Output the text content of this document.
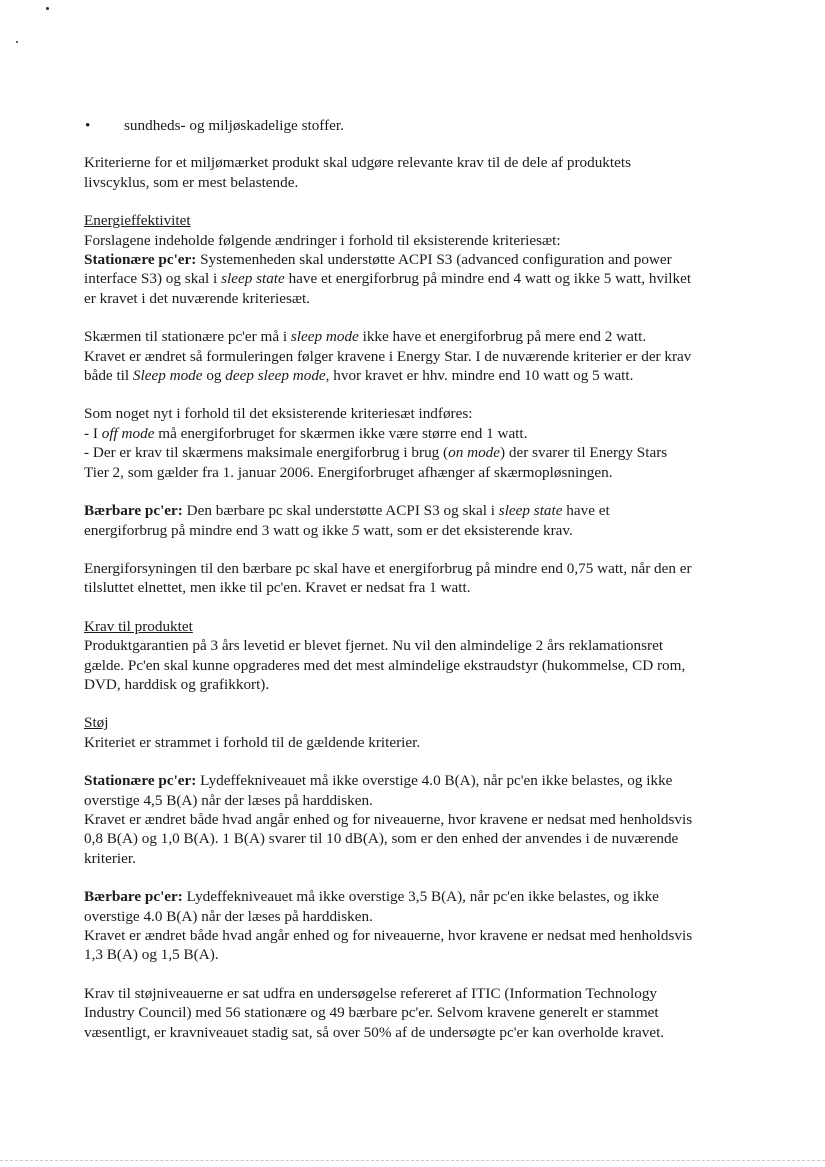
• sundheds- og miljøskadelige stoffer.

Kriterierne for et miljømærket produkt skal udgøre relevante krav til de dele af produktets
livscyklus, som er mest belastende.

Energieffektivitet

Forslagene indeholde følgende ændringer i forhold til eksisterende kriteriesæt:

Stationære pc'er: Systemenheden skal understøtte ACPI S3 (advanced configuration and power
interface S3) og skal i sleep state have et energiforbrug på mindre end 4 watt og ikke 5 watt, hvilket
er kravet i det nuværende kriteriesæt.

Skærmen til stationære pc'er må i sleep mode ikke have et energiforbrug på mere end 2 watt.
Kravet er ændret så formuleringen følger kravene i Energy Star. I de nuværende kriterier er der krav
både til Sleep mode og deep sleep mode, hvor kravet er hhv. mindre end 10 watt og 5 watt.

Som noget nyt i forhold til det eksisterende kriteriesæt indføres:
- I off mode må energiforbruget for skærmen ikke være større end 1 watt.
- Der er krav til skærmens maksimale energiforbrug i brug (on mode) der svarer til Energy Stars
Tier 2, som gælder fra 1. januar 2006. Energiforbruget afhænger af skærmopløsningen.

Bærbare pc'er: Den bærbare pc skal understøtte ACPI S3 og skal i sleep state have et
energiforbrug på mindre end 3 watt og ikke 5 watt, som er det eksisterende krav.

Energiforsyningen til den bærbare pc skal have et energiforbrug på mindre end 0,75 watt, når den er
tilsluttet elnettet, men ikke til pc'en. Kravet er nedsat fra 1 watt.

Krav til produktet

Produktgarantien på 3 års levetid er blevet fjernet. Nu vil den almindelige 2 års reklamationsret
gælde. Pc'en skal kunne opgraderes med det mest almindelige ekstraudstyr (hukommelse, CD rom,
DVD, harddisk og grafikkort).

Støj

Kriteriet er strammet i forhold til de gældende kriterier.

Stationære pc'er: Lydeffekniveauet må ikke overstige 4.0 B(A), når pc'en ikke belastes, og ikke
overstige 4,5 B(A) når der læses på harddisken.
Kravet er ændret både hvad angår enhed og for niveauerne, hvor kravene er nedsat med henholdsvis
0,8 B(A) og 1,0 B(A). 1 B(A) svarer til 10 dB(A), som er den enhed der anvendes i de nuværende
kriterier.

Bærbare pc'er: Lydeffekniveauet må ikke overstige 3,5 B(A), når pc'en ikke belastes, og ikke
overstige 4.0 B(A) når der læses på harddisken.
Kravet er ændret både hvad angår enhed og for niveauerne, hvor kravene er nedsat med henholdsvis
1,3 B(A) og 1,5 B(A).

Krav til støjniveauerne er sat udfra en undersøgelse refereret af ITIC (Information Technology
Industry Council) med 56 stationære og 49 bærbare pc'er. Selvom kravene generelt er stammet
væsentligt, er kravniveauet stadig sat, så over 50% af de undersøgte pc'er kan overholde kravet.
